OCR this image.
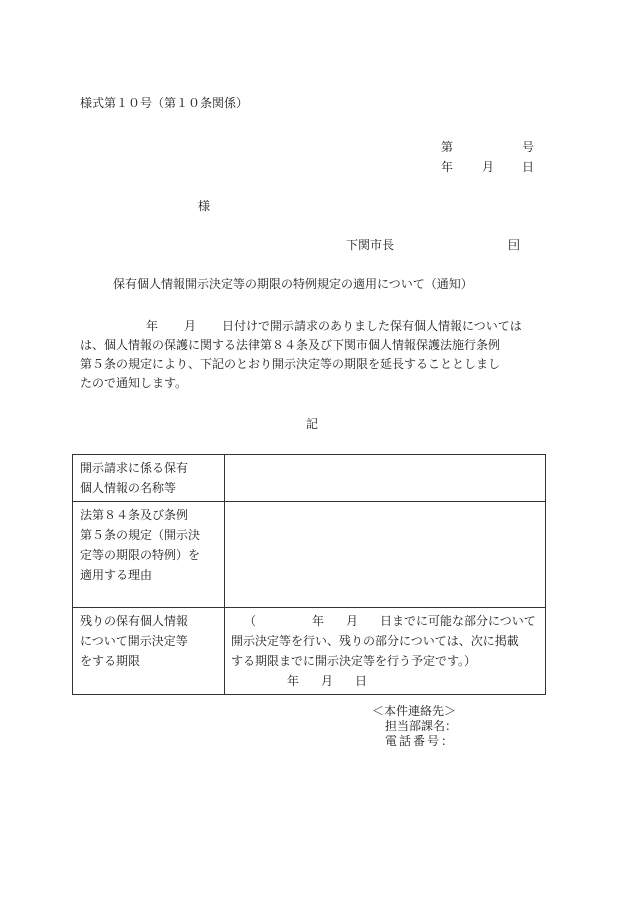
様式第１０号（第１０条関係）
第	号
年 月 日
様
下関市長	囙
保有個人情報開示決定等の期限の特例規定の適用について（通知）
年 月 日付けで開示請求のありました保有個人情報については
は、個人情報の保護に関する法律第８４条及び下関市個人情報保護法施行条例
第５条の規定により、下記のとおり開示決定等の期限を延長することとしまし
たので通知します。
記
開示請求に係る保有
個人情報の名称等	

法第８４条及び条例
第５条の規定（開示決
定等の期限の特例）を
適用する理由	

残りの保有個人情報
について開示決定等
をする期限	（ 年 月 日までに可能な部分について
開示決定等を行い、残りの部分については、次に掲載
する期限までに開示決定等を行う予定です。）
年 月 日
＜本件連絡先＞
担当部課名：
電話番号：
